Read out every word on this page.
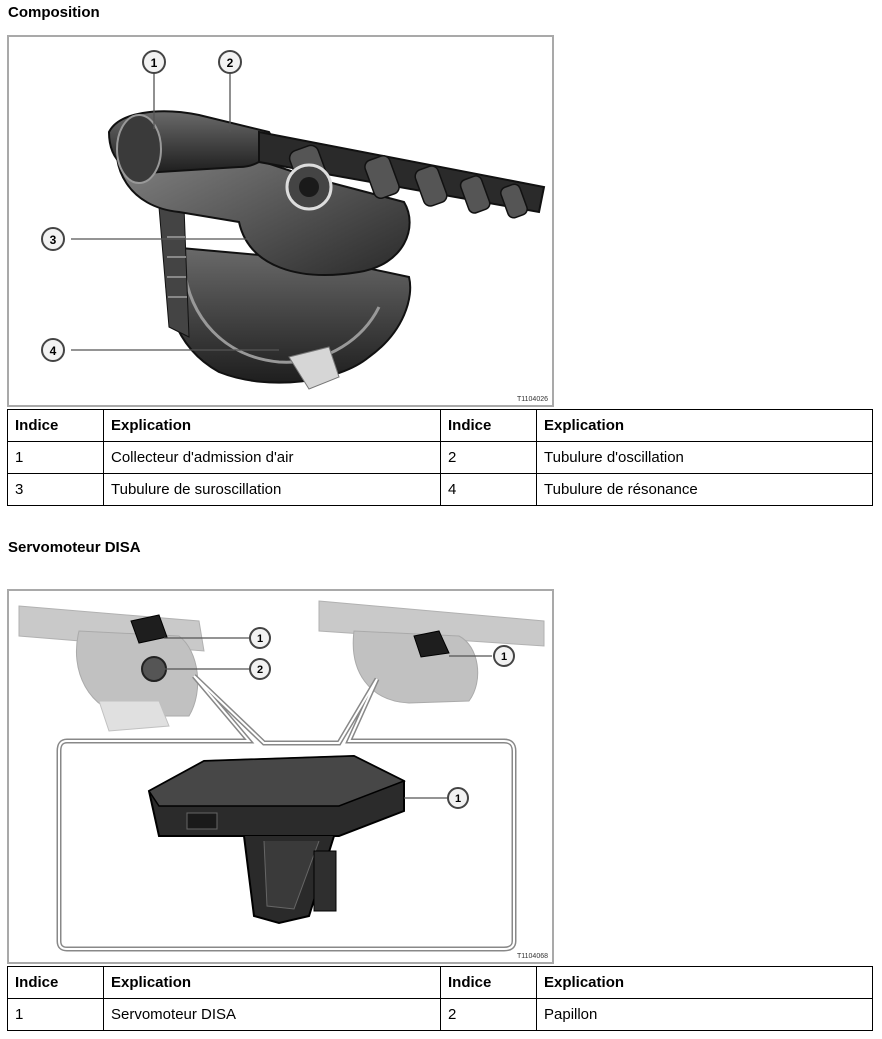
Composition
1	2
3
4
T1104026
Indice	Explication	Indice	Explication
1	Collecteur d'admission d'air	2	Tubulure d'oscillation
3	Tubulure de suroscillation	4	Tubulure de résonance
Servomoteur DISA
1
2
1
1
T1104068
Indice	Explication	Indice	Explication
1	Servomoteur DISA	2	Papillon
